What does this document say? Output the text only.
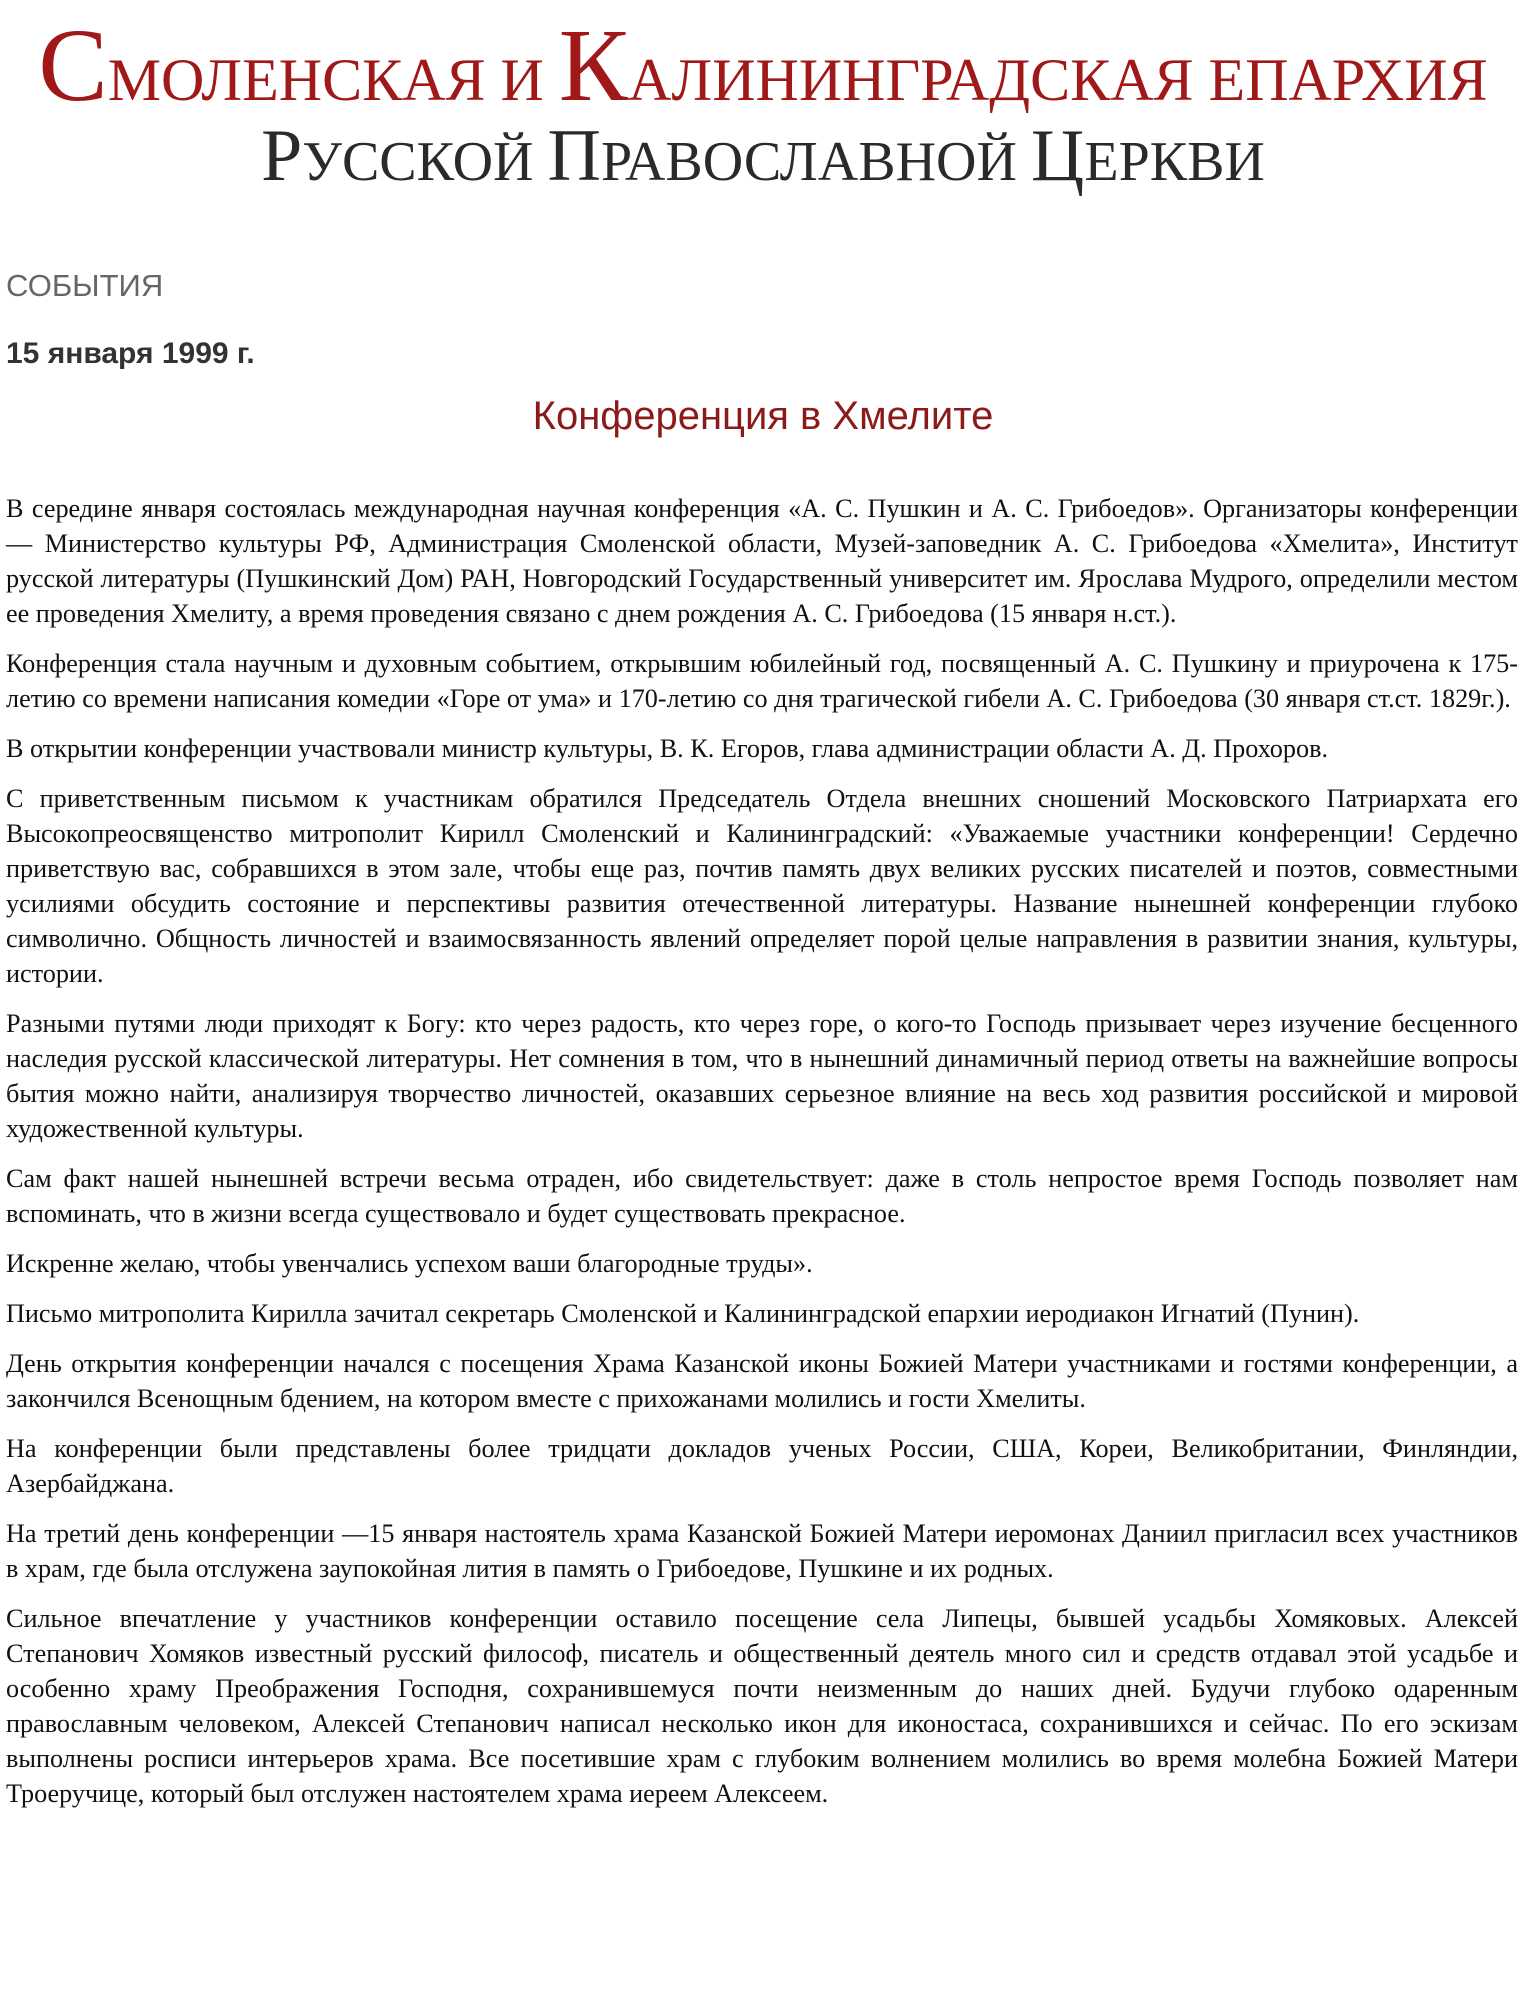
СМОЛЕНСКАЯ И КАЛИНИНГРАДСКАЯ ЕПАРХИЯ
РУССКОЙ ПРАВОСЛАВНОЙ ЦЕРКВИ
СОБЫТИЯ
15 января 1999 г.
Конференция в Хмелите

В середине января состоялась международная научная конференция «А. С. Пушкин и А. С. Грибоедов». Организаторы конференции — Министерство культуры РФ, Администрация Смоленской области, Музей-заповедник А. С. Грибоедова «Хмелита», Институт русской литературы (Пушкинский Дом) РАН, Новгородский Государственный университет им. Ярослава Мудрого, определили местом ее проведения Хмелиту, а время проведения связано с днем рождения А. С. Грибоедова (15 января н.ст.).

Конференция стала научным и духовным событием, открывшим юбилейный год, посвященный А. С. Пушкину и приурочена к 175-летию со времени написания комедии «Горе от ума» и 170-летию со дня трагической гибели А. С. Грибоедова (30 января ст.ст. 1829г.).

В открытии конференции участвовали министр культуры, В. К. Егоров, глава администрации области А. Д. Прохоров.

С приветственным письмом к участникам обратился Председатель Отдела внешних сношений Московского Патриархата его Высокопреосвященство митрополит Кирилл Смоленский и Калининградский: «Уважаемые участники конференции! Сердечно приветствую вас, собравшихся в этом зале, чтобы еще раз, почтив память двух великих русских писателей и поэтов, совместными усилиями обсудить состояние и перспективы развития отечественной литературы. Название нынешней конференции глубоко символично. Общность личностей и взаимосвязанность явлений определяет порой целые направления в развитии знания, культуры, истории.

Разными путями люди приходят к Богу: кто через радость, кто через горе, о кого-то Господь призывает через изучение бесценного наследия русской классической литературы. Нет сомнения в том, что в нынешний динамичный период ответы на важнейшие вопросы бытия можно найти, анализируя творчество личностей, оказавших серьезное влияние на весь ход развития российской и мировой художественной культуры.

Сам факт нашей нынешней встречи весьма отраден, ибо свидетельствует: даже в столь непростое время Господь позволяет нам вспоминать, что в жизни всегда существовало и будет существовать прекрасное.

Искренне желаю, чтобы увенчались успехом ваши благородные труды».

Письмо митрополита Кирилла зачитал секретарь Смоленской и Калининградской епархии иеродиакон Игнатий (Пунин).

День открытия конференции начался с посещения Храма Казанской иконы Божией Матери участниками и гостями конференции, а закончился Всенощным бдением, на котором вместе с прихожанами молились и гости Хмелиты.

На конференции были представлены более тридцати докладов ученых России, США, Кореи, Великобритании, Финляндии, Азербайджана.

На третий день конференции —15 января настоятель храма Казанской Божией Матери иеромонах Даниил пригласил всех участников в храм, где была отслужена заупокойная лития в память о Грибоедове, Пушкине и их родных.

Сильное впечатление у участников конференции оставило посещение села Липецы, бывшей усадьбы Хомяковых. Алексей Степанович Хомяков известный русский философ, писатель и общественный деятель много сил и средств отдавал этой усадьбе и особенно храму Преображения Господня, сохранившемуся почти неизменным до наших дней. Будучи глубоко одаренным православным человеком, Алексей Степанович написал несколько икон для иконостаса, сохранившихся и сейчас. По его эскизам выполнены росписи интерьеров храма. Все посетившие храм с глубоким волнением молились во время молебна Божией Матери Троеручице, который был отслужен настоятелем храма иереем Алексеем.
